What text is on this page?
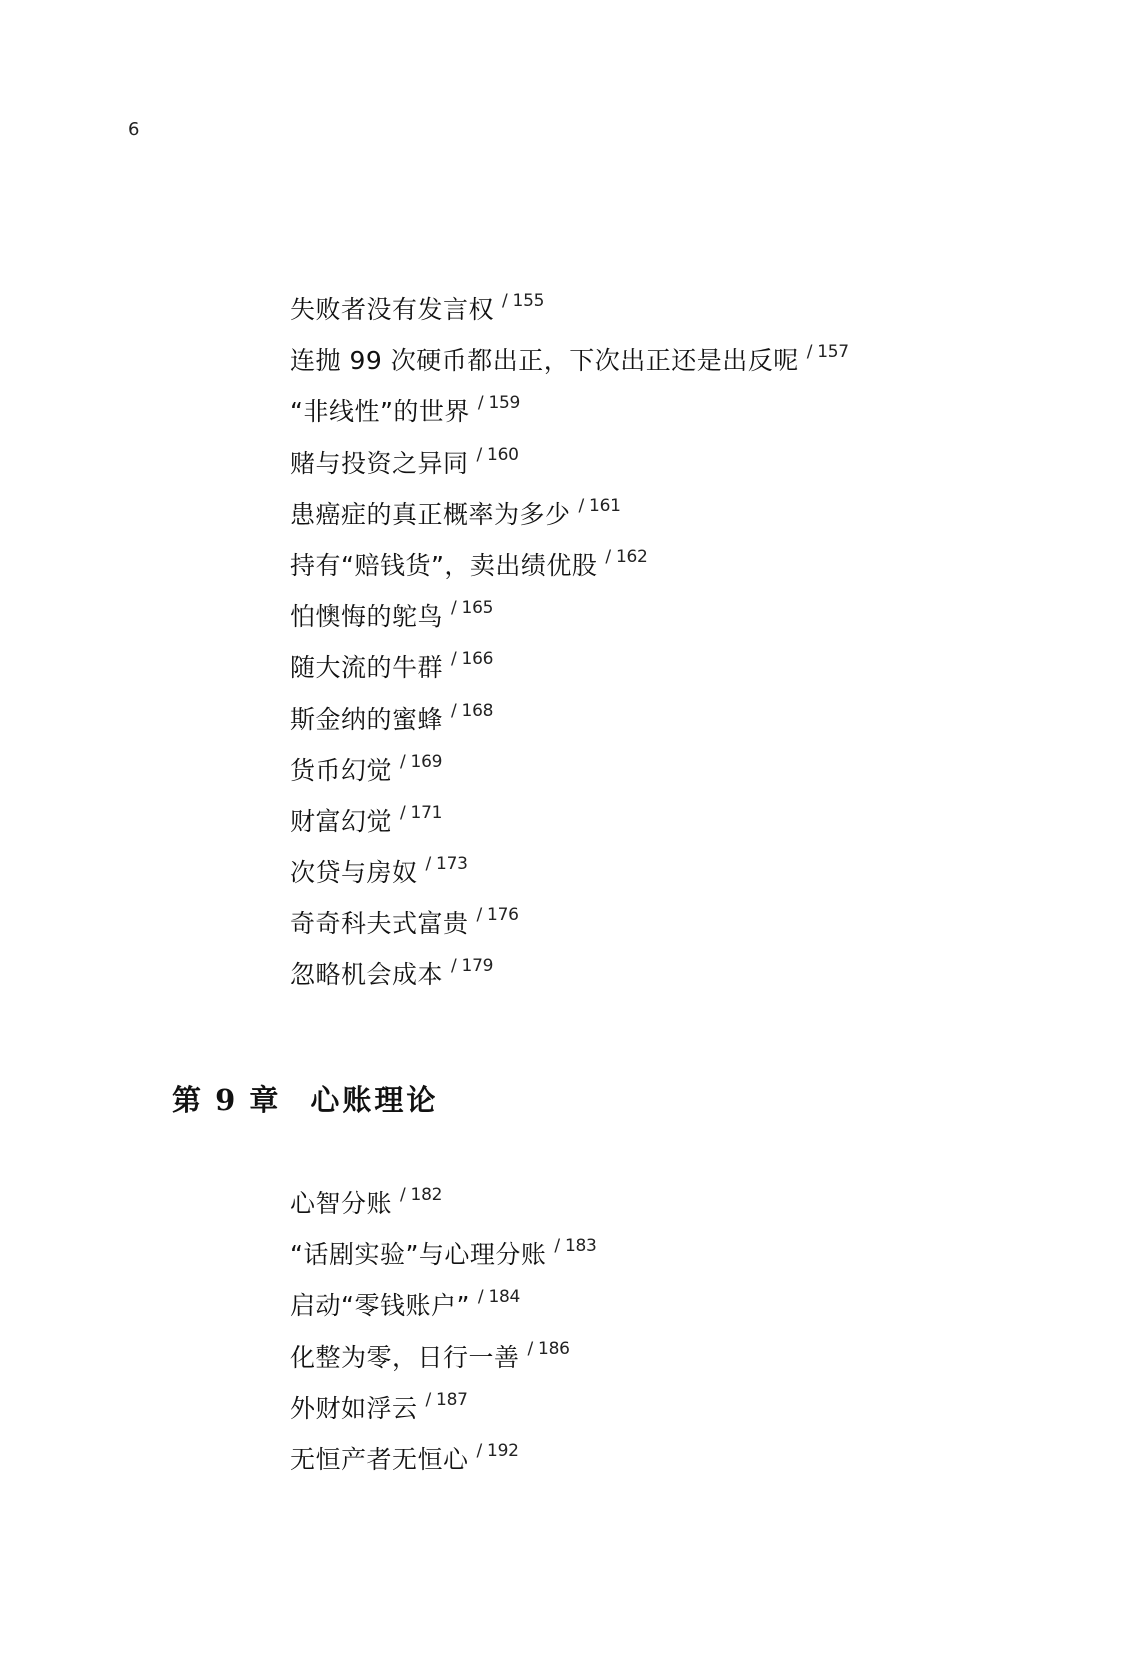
6
失败者没有发言权 / 155
连抛 99 次硬币都出正，下次出正还是出反呢 / 157
“非线性”的世界 / 159
赌与投资之异同 / 160
患癌症的真正概率为多少 / 161
持有“赔钱货”，卖出绩优股 / 162
怕懊悔的鸵鸟 / 165
随大流的牛群 / 166
斯金纳的蜜蜂 / 168
货币幻觉 / 169
财富幻觉 / 171
次贷与房奴 / 173
奇奇科夫式富贵 / 176
忽略机会成本 / 179
第 9 章 心账理论
心智分账 / 182
“话剧实验”与心理分账 / 183
启动“零钱账户” / 184
化整为零，日行一善 / 186
外财如浮云 / 187
无恒产者无恒心 / 192
